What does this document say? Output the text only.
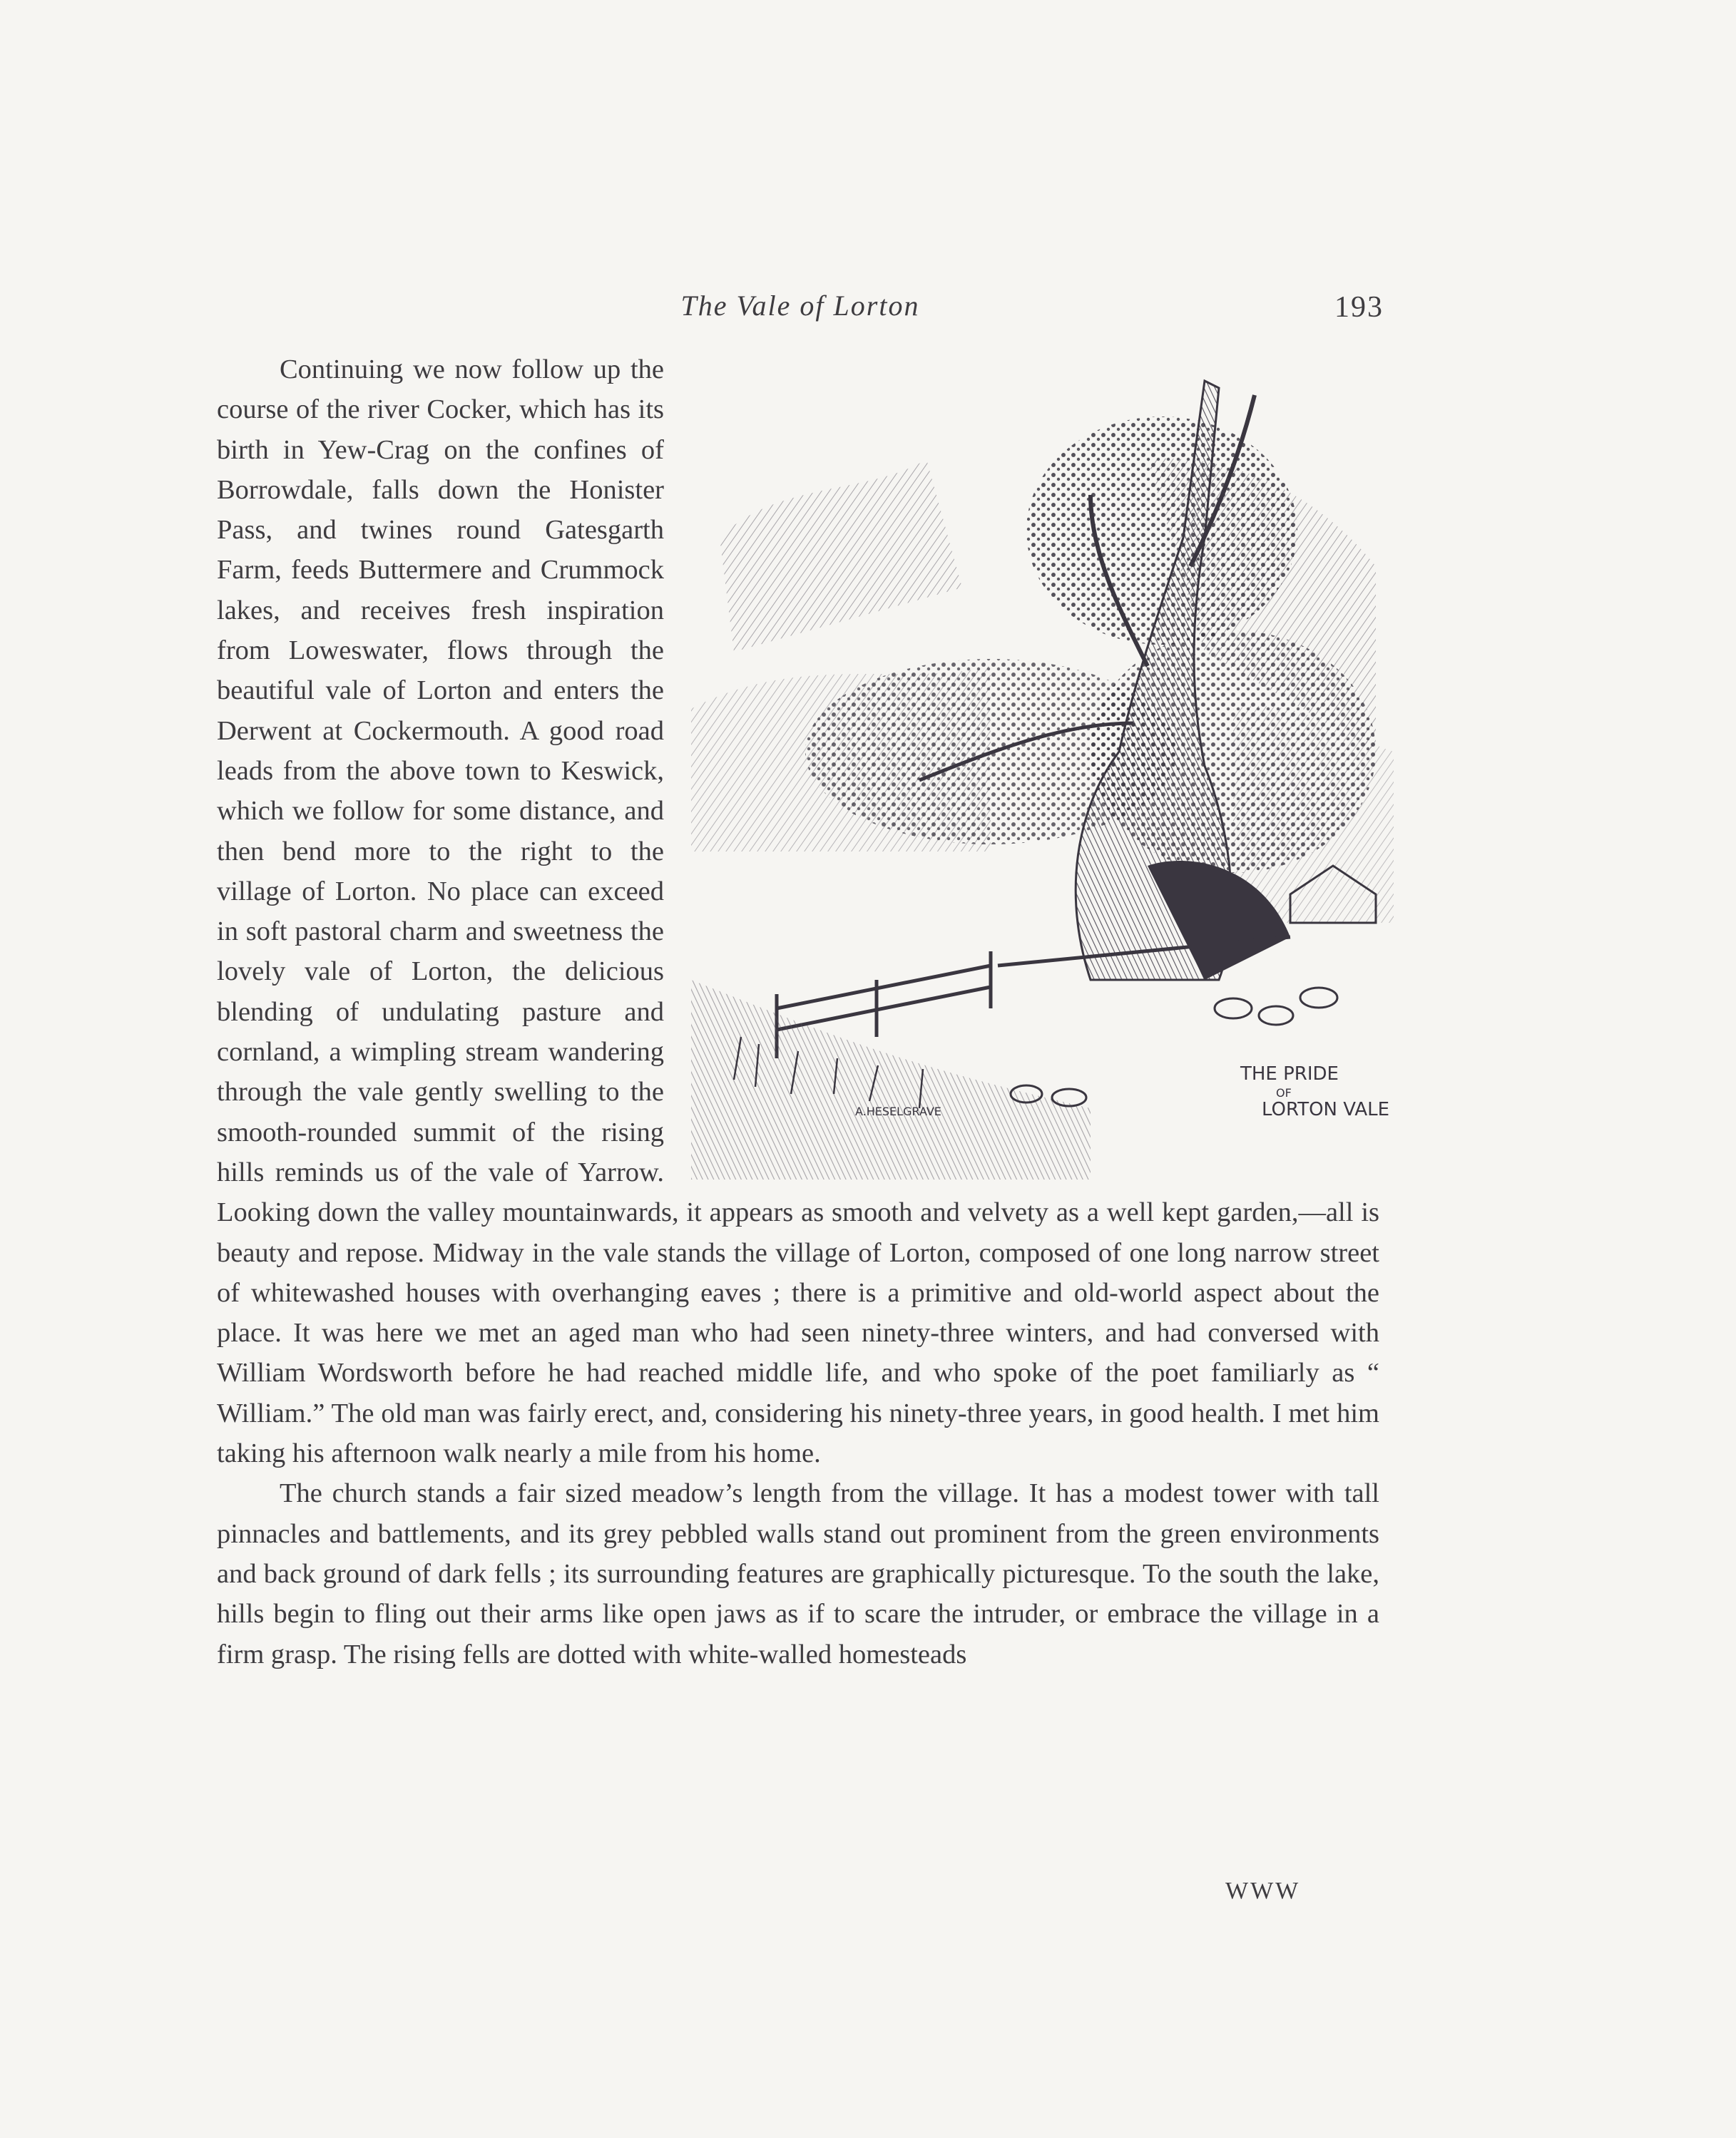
The Vale of Lorton	193
THE PRIDE
OF
LORTON VALE
A.HESELGRAVE

Continuing we now follow up the course of the river Cocker, which has its birth in Yew-Crag on the confines of Borrowdale, falls down the Honister Pass, and twines round Gatesgarth Farm, feeds Buttermere and Crummock lakes, and receives fresh inspiration from Loweswater, flows through the beautiful vale of Lorton and enters the Derwent at Cockermouth. A good road leads from the above town to Keswick, which we follow for some distance, and then bend more to the right to the village of Lorton. No place can exceed in soft pastoral charm and sweetness the lovely vale of Lorton, the delicious blending of undulating pasture and cornland, a wimpling stream wandering through the vale gently swelling to the smooth-rounded summit of the rising hills reminds us of the vale of Yarrow. Looking down the valley mountainwards, it appears as smooth and velvety as a well kept garden,—all is beauty and repose. Midway in the vale stands the village of Lorton, composed of one long narrow street of whitewashed houses with overhanging eaves ; there is a primitive and old-world aspect about the place. It was here we met an aged man who had seen ninety-three winters, and had conversed with William Wordsworth before he had reached middle life, and who spoke of the poet familiarly as “ William.” The old man was fairly erect, and, considering his ninety-three years, in good health. I met him taking his afternoon walk nearly a mile from his home.

The church stands a fair sized meadow’s length from the village. It has a modest tower with tall pinnacles and battlements, and its grey pebbled walls stand out prominent from the green environments and back ground of dark fells ; its surrounding features are graphically picturesque. To the south the lake, hills begin to fling out their arms like open jaws as if to scare the intruder, or embrace the village in a firm grasp. The rising fells are dotted with white-walled homesteads

WWW
